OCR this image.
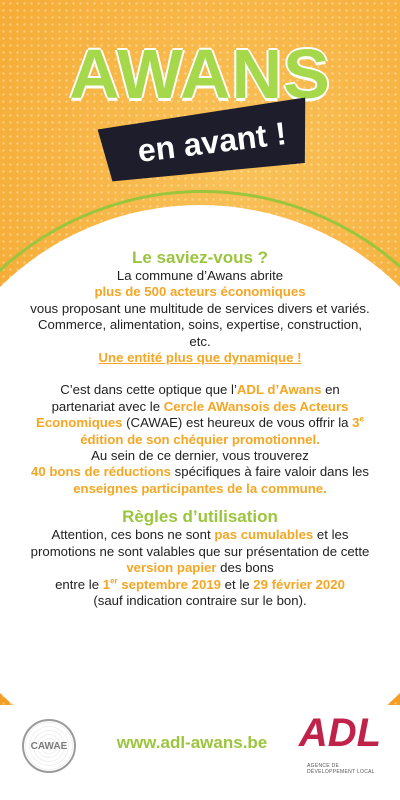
AWANS
en avant !

Le saviez-vous ?

La commune d’Awans abrite

plus de 500 acteurs économiques

vous proposant une multitude de services divers et variés. Commerce, alimentation, soins, expertise, construction, etc.

Une entité plus que dynamique !

C’est dans cette optique que l’ADL d’Awans en partenariat avec le Cercle AWansois des Acteurs Economiques (CAWAE) est heureux de vous offrir la 3e édition de son chéquier promotionnel.

Au sein de ce dernier, vous trouverez

40 bons de réductions spécifiques à faire valoir dans les enseignes participantes de la commune.

Règles d’utilisation

Attention, ces bons ne sont pas cumulables et les promotions ne sont valables que sur présentation de cette version papier des bons

entre le 1er septembre 2019 et le 29 février 2020

(sauf indication contraire sur le bon).

CAWAE	www.adl-awans.be ADL
AGENCE DE DÉVELOPPEMENT LOCAL
